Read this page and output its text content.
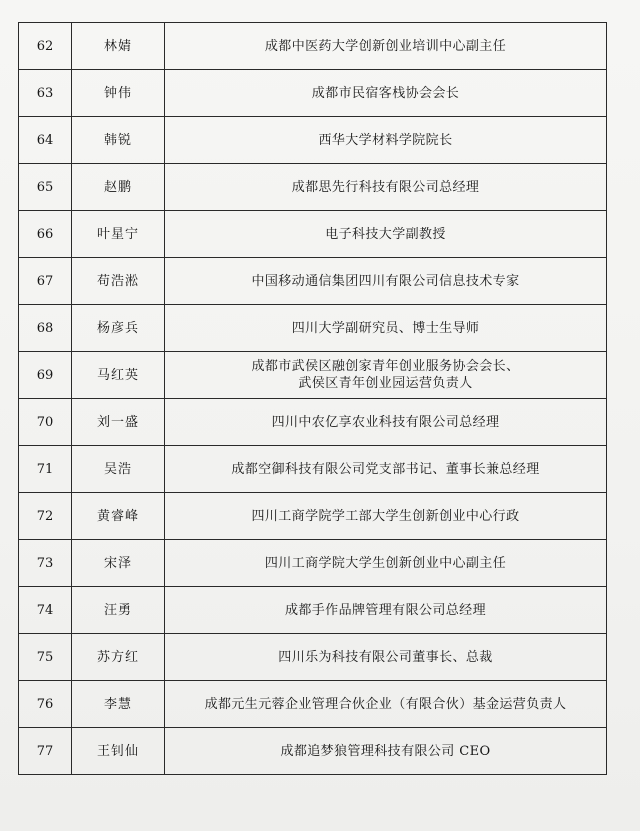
62	林婧	成都中医药大学创新创业培训中心副主任

63	钟伟	成都市民宿客栈协会会长

64	韩锐	西华大学材料学院院长

65	赵鹏	成都思先行科技有限公司总经理

66	叶星宁	电子科技大学副教授

67	苟浩淞	中国移动通信集团四川有限公司信息技术专家

68	杨彦兵	四川大学副研究员、博士生导师

69	马红英	成都市武侯区融创家青年创业服务协会会长、
武侯区青年创业园运营负责人

70	刘一盛	四川中农亿享农业科技有限公司总经理

71	吴浩	成都空御科技有限公司党支部书记、董事长兼总经理

72	黄睿峰	四川工商学院学工部大学生创新创业中心行政

73	宋泽	四川工商学院大学生创新创业中心副主任

74	汪勇	成都手作品牌管理有限公司总经理

75	苏方红	四川乐为科技有限公司董事长、总裁

76	李慧	成都元生元蓉企业管理合伙企业（有限合伙）基金运营负责人

77	王钊仙	成都追梦狼管理科技有限公司 CEO
